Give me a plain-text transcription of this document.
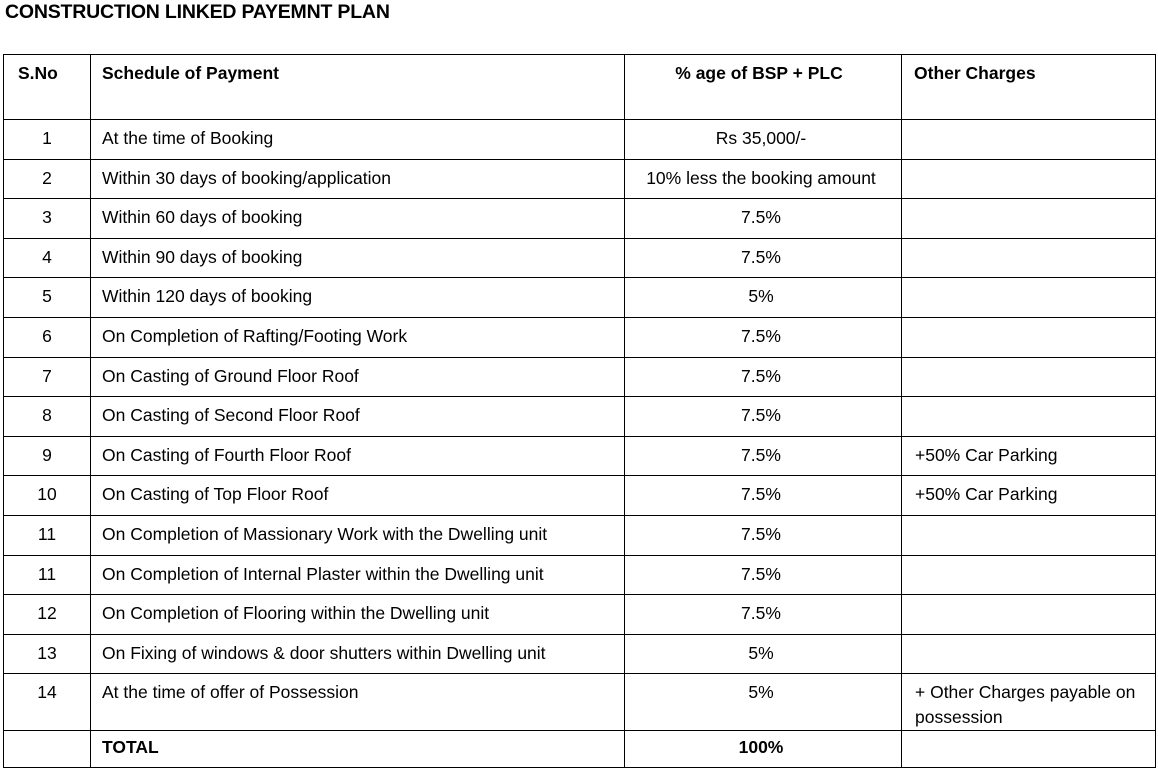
CONSTRUCTION LINKED PAYEMNT PLAN
S.No	Schedule of Payment	% age of BSP + PLC	Other Charges

1	At the time of Booking	Rs 35,000/-	

2	Within 30 days of booking/application	10% less the booking amount	

3	Within 60 days of booking	7.5%	

4	Within 90 days of booking	7.5%	

5	Within 120 days of booking	5%	

6	On Completion of Rafting/Footing Work	7.5%	

7	On Casting of Ground Floor Roof	7.5%	

8	On Casting of Second Floor Roof	7.5%	

9	On Casting of Fourth Floor Roof	7.5%	+50% Car Parking

10	On Casting of Top Floor Roof	7.5%	+50% Car Parking

11	On Completion of Massionary Work with the Dwelling unit	7.5%	

11	On Completion of Internal Plaster within the Dwelling unit	7.5%	

12	On Completion of Flooring within the Dwelling unit	7.5%	

13	On Fixing of windows & door shutters within Dwelling unit	5%	

14	At the time of offer of Possession	5%	+ Other Charges payable on possession

	TOTAL	100%	
